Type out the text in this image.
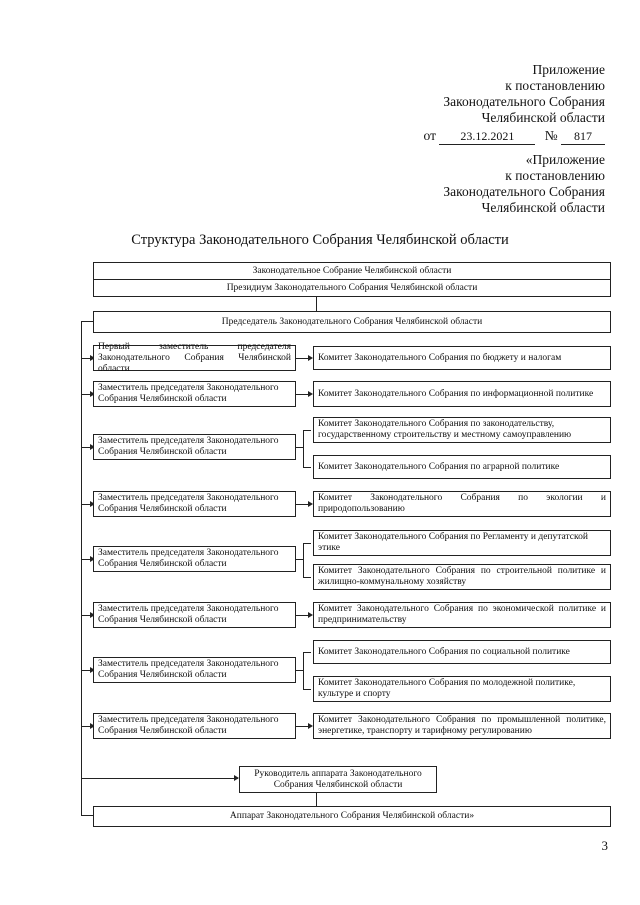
Приложение
к постановлению
Законодательного Собрания
Челябинской области
от 23.12.2021 № 817
«Приложение
к постановлению
Законодательного Собрания
Челябинской области
Структура Законодательного Собрания Челябинской области
Законодательное Собрание Челябинской области
Президиум Законодательного Собрания Челябинской области
Председатель Законодательного Собрания Челябинской области
Первый заместитель председателя Законодательного Собрания Челябинской области
Заместитель председателя Законодательного Собрания Челябинской области
Заместитель председателя Законодательного Собрания Челябинской области
Заместитель председателя Законодательного Собрания Челябинской области
Заместитель председателя Законодательного Собрания Челябинской области
Заместитель председателя Законодательного Собрания Челябинской области
Заместитель председателя Законодательного Собрания Челябинской области
Заместитель председателя Законодательного Собрания Челябинской области
Комитет Законодательного Собрания по бюджету и налогам
Комитет Законодательного Собрания по информационной политике
Комитет Законодательного Собрания по законодательству, государственному строительству и местному самоуправлению
Комитет Законодательного Собрания по аграрной политике
Комитет Законодательного Собрания по экологии и природопользованию
Комитет Законодательного Собрания по Регламенту и депутатской этике
Комитет Законодательного Собрания по строительной политике и жилищно-коммунальному хозяйству
Комитет Законодательного Собрания по экономической политике и предпринимательству
Комитет Законодательного Собрания по социальной политике
Комитет Законодательного Собрания по молодежной политике, культуре и спорту
Комитет Законодательного Собрания по промышленной политике, энергетике, транспорту и тарифному регулированию
Руководитель аппарата Законодательного Собрания Челябинской области
Аппарат Законодательного Собрания Челябинской области»
3
